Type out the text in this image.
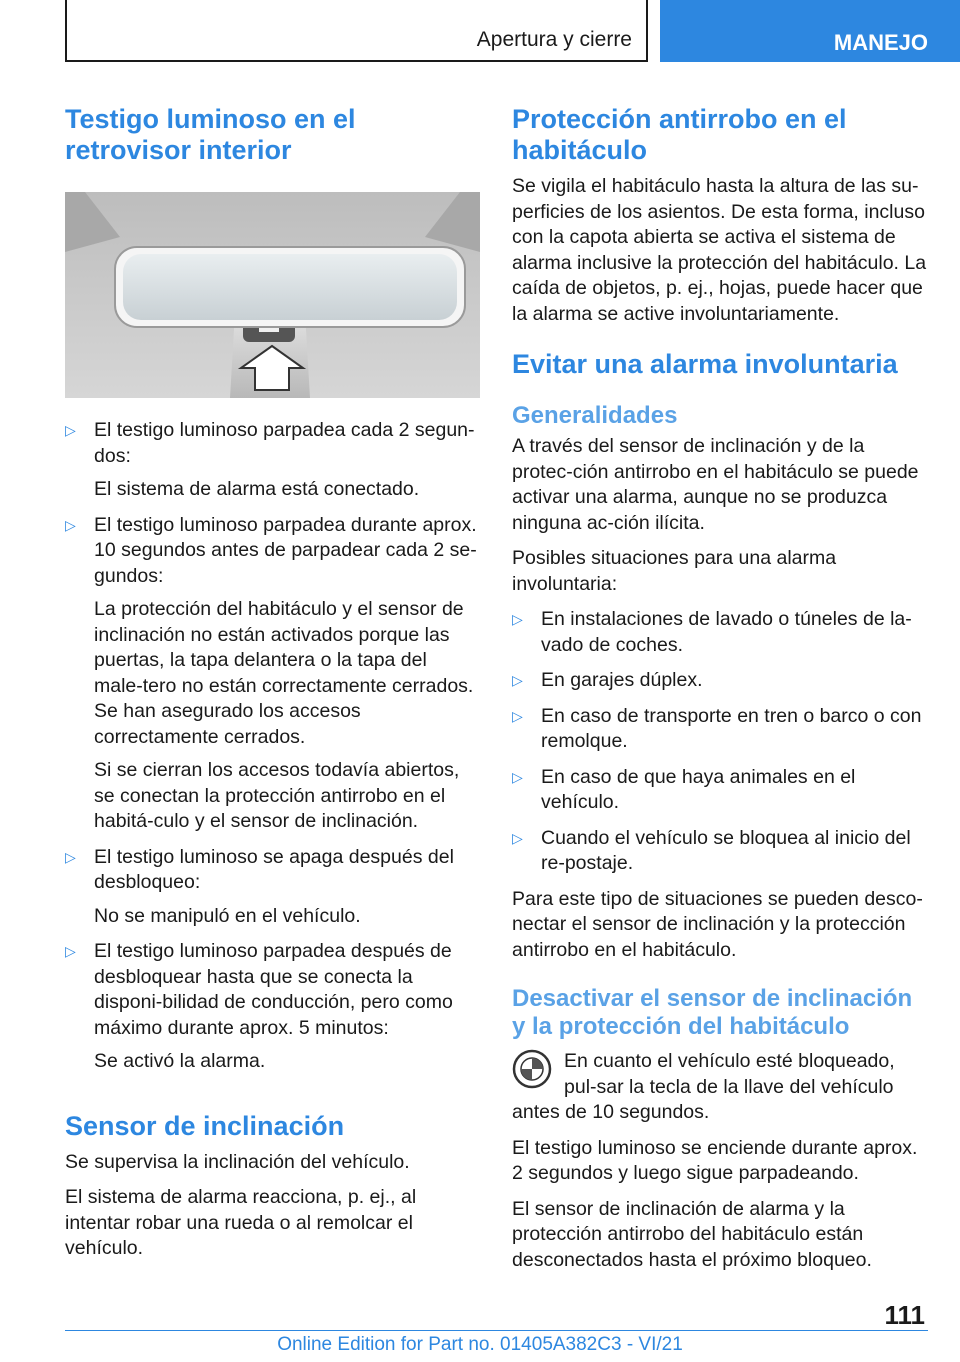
Apertura y cierre	MANEJO
Testigo luminoso en el retrovisor interior
▷ El testigo luminoso parpadea cada 2 segun-dos:

El sistema de alarma está conectado.

▷ El testigo luminoso parpadea durante aprox. 10 segundos antes de parpadear cada 2 se-gundos:

La protección del habitáculo y el sensor de inclinación no están activados porque las puertas, la tapa delantera o la tapa del male-tero no están correctamente cerrados. Se han asegurado los accesos correctamente cerrados.

Si se cierran los accesos todavía abiertos, se conectan la protección antirrobo en el habitá-culo y el sensor de inclinación.

▷ El testigo luminoso se apaga después del desbloqueo:

No se manipuló en el vehículo.

▷ El testigo luminoso parpadea después de desbloquear hasta que se conecta la disponi-bilidad de conducción, pero como máximo durante aprox. 5 minutos:

Se activó la alarma.

Sensor de inclinación

Se supervisa la inclinación del vehículo.

El sistema de alarma reacciona, p. ej., al intentar robar una rueda o al remolcar el vehículo.

Protección antirrobo en el habitáculo

Se vigila el habitáculo hasta la altura de las su-perficies de los asientos. De esta forma, incluso con la capota abierta se activa el sistema de alarma inclusive la protección del habitáculo. La caída de objetos, p. ej., hojas, puede hacer que la alarma se active involuntariamente.

Evitar una alarma involuntaria
Generalidades

A través del sensor de inclinación y de la protec-ción antirrobo en el habitáculo se puede activar una alarma, aunque no se produzca ninguna ac-ción ilícita.

Posibles situaciones para una alarma involuntaria:

▷ En instalaciones de lavado o túneles de la-vado de coches.

▷ En garajes dúplex.

▷ En caso de transporte en tren o barco o con remolque.

▷ En caso de que haya animales en el vehículo.

▷ Cuando el vehículo se bloquea al inicio del re-postaje.

Para este tipo de situaciones se pueden desco-nectar el sensor de inclinación y la protección antirrobo en el habitáculo.

Desactivar el sensor de inclinación y la protección del habitáculo

En cuanto el vehículo esté bloqueado, pul-sar la tecla de la llave del vehículo antes de 10 segundos.

El testigo luminoso se enciende durante aprox. 2 segundos y luego sigue parpadeando.

El sensor de inclinación de alarma y la protección antirrobo del habitáculo están desconectados hasta el próximo bloqueo.

111
Online Edition for Part no. 01405A382C3 - VI/21
